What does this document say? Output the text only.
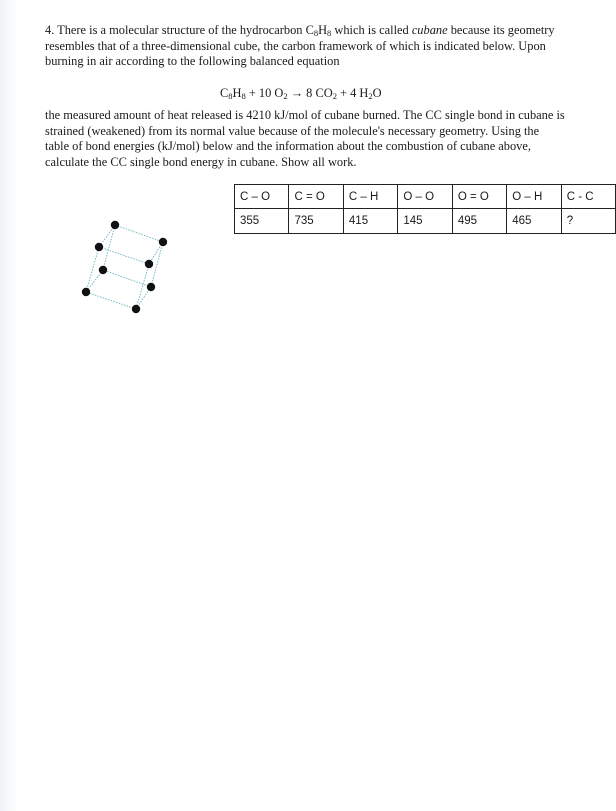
4. There is a molecular structure of the hydrocarbon $C_8H_8$ which is called cubane because its geometry resembles that of a three-dimensional cube, the carbon framework of which is indicated below. Upon burning in air according to the following balanced equation

$C_8H_8 + 10$ $O_2 \to 8$ $CO_2 + 4$ $H_2O$

the measured amount of heat released is 4210 kJ/mol of cubane burned. The CC single bond in cubane is strained (weakened) from its normal value because of the molecule's necessary geometry. Using the table of bond energies (kJ/mol) below and the information about the combustion of cubane above, calculate the CC single bond energy in cubane. Show all work.

C – O	C = O	C – H	O – O	O = O	O – H	C - C
355	735	415	145	495	465	?
